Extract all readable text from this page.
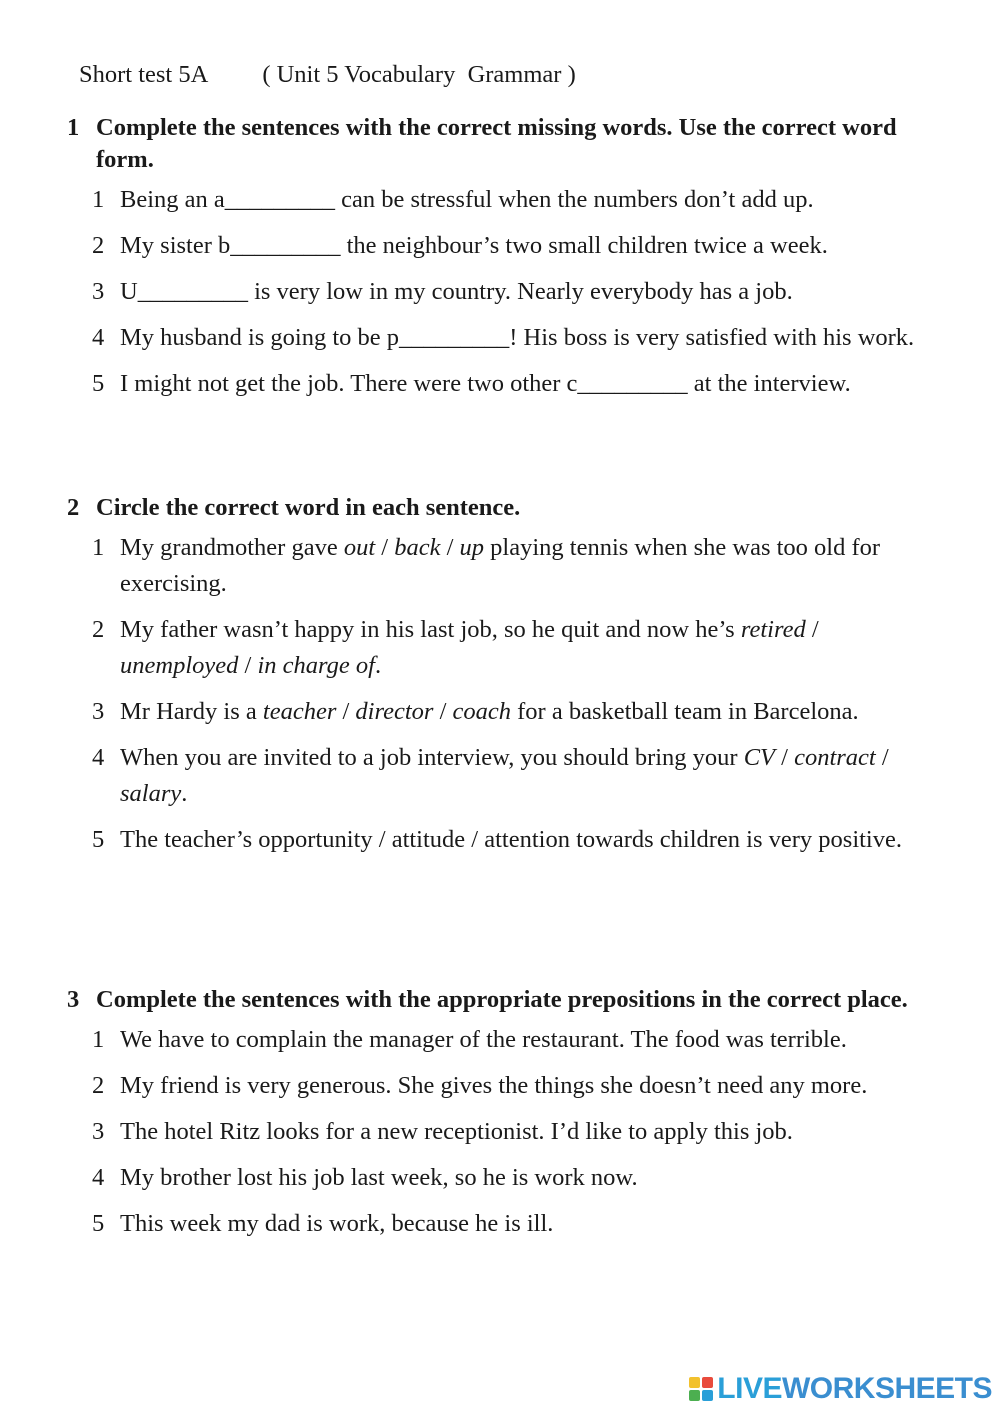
Short test 5A ( Unit 5 Vocabulary  Grammar )
1 Complete the sentences with the correct missing words. Use the correct word form.
1 Being an a_________ can be stressful when the numbers don’t add up.
2 My sister b_________ the neighbour’s two small children twice a week.
3 U_________ is very low in my country. Nearly everybody has a job.
4 My husband is going to be p_________! His boss is very satisfied with his work.
5 I might not get the job. There were two other c_________ at the interview.
2 Circle the correct word in each sentence.
1 My grandmother gave out / back / up playing tennis when she was too old for exercising.
2 My father wasn’t happy in his last job, so he quit and now he’s retired / unemployed / in charge of.
3 Mr Hardy is a teacher / director / coach for a basketball team in Barcelona.
4 When you are invited to a job interview, you should bring your CV / contract / salary.
5 The teacher’s opportunity / attitude / attention towards children is very positive.
3 Complete the sentences with the appropriate prepositions in the correct place.
1 We have to complain the manager of the restaurant. The food was terrible.
2 My friend is very generous. She gives the things she doesn’t need any more.
3 The hotel Ritz looks for a new receptionist. I’d like to apply this job.
4 My brother lost his job last week, so he is work now.
5 This week my dad is work, because he is ill.
LIVEWORKSHEETS
